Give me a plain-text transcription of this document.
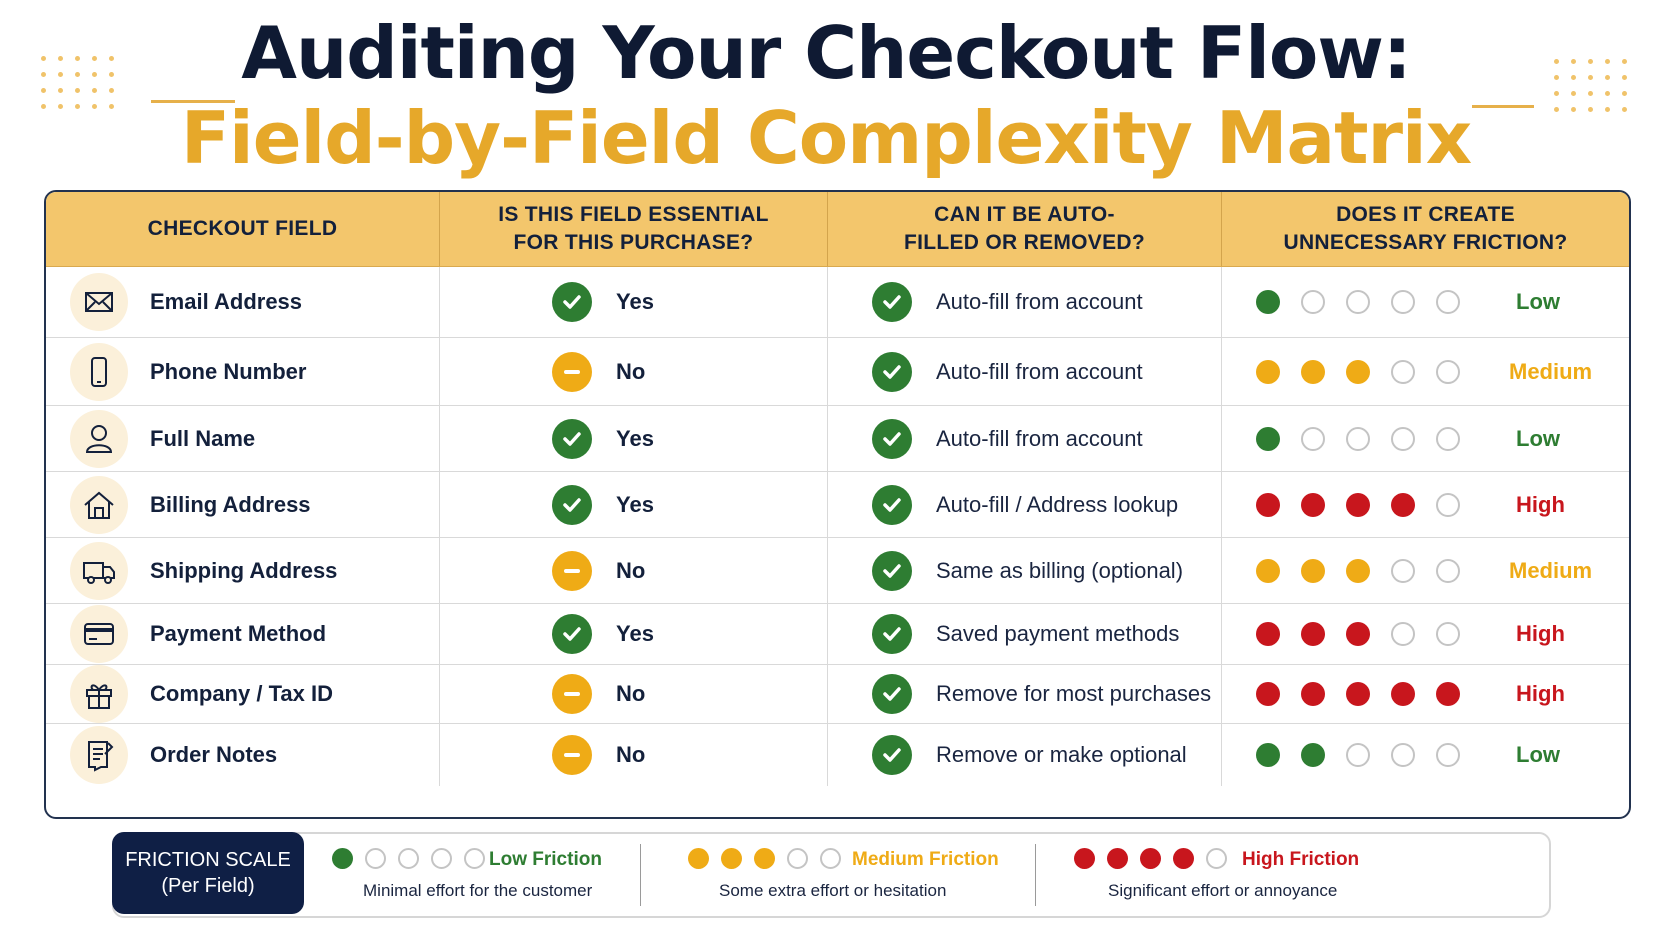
Auditing Your Checkout Flow:
Field-by-Field Complexity Matrix
CHECKOUT FIELD
IS THIS FIELD ESSENTIAL FOR THIS PURCHASE?
CAN IT BE AUTO-FILLED OR REMOVED?
DOES IT CREATE UNNECESSARY FRICTION?
Email Address	Yes	Auto-fill from account	Low
Phone Number	No	Auto-fill from account	Medium
Full Name	Yes	Auto-fill from account	Low
Billing Address	Yes	Auto-fill / Address lookup	High
Shipping Address	No	Same as billing (optional)	Medium
Payment Method	Yes	Saved payment methods	High
Company / Tax ID	No	Remove for most purchases	High
Order Notes	No	Remove or make optional	Low
FRICTION SCALE
(Per Field)
Low Friction
Minimal effort for the customer
Medium Friction
Some extra effort or hesitation
High Friction
Significant effort or annoyance
